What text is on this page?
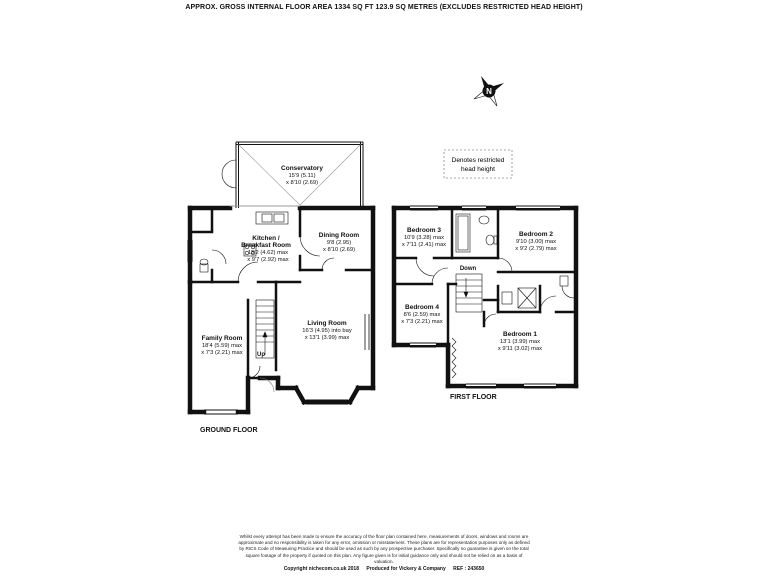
APPROX. GROSS INTERNAL FLOOR AREA 1334 SQ FT 123.9 SQ METRES (EXCLUDES RESTRICTED HEAD HEIGHT)
N
Denotes restricted
head height
Conservatory
15'9 (5.11)
x 8'10 (2.69)
Kitchen /
Breakfast Room
15'2 (4.62) max
x 9'7 (2.92) max
Dining Room
9'8 (2.95)
x 8'10 (2.69)
Family Room
18'4 (5.59) max
x 7'3 (2.21) max
Living Room
16'3 (4.95) into bay
x 13'1 (3.99) max
Up
Bedroom 3
10'9 (3.28) max
x 7'11 (2.41) max
Bedroom 2
9'10 (3.00) max
x 9'2 (2.79) max
Bedroom 4
8'6 (2.59) max
x 7'3 (2.21) max
Bedroom 1
13'1 (3.99) max
x 9'11 (3.02) max
Down
GROUND FLOOR
FIRST FLOOR
Whilst every attempt has been made to ensure the accuracy of the floor plan contained here, measurements of doors, windows and rooms are approximate and no responsibility is taken for any error, omission or misstatement. These plans are for representation purposes only as defined by RICS Code of Measuring Practice and should be used as such by any prospective purchaser. Specifically no guarantee is given on the total square footage of the property if quoted on this plan. Any figure given is for initial guidance only and should not be relied on as a basis of valuation.
Copyright nichecom.co.uk 2018 Produced for Vickery & Company REF : 243650
